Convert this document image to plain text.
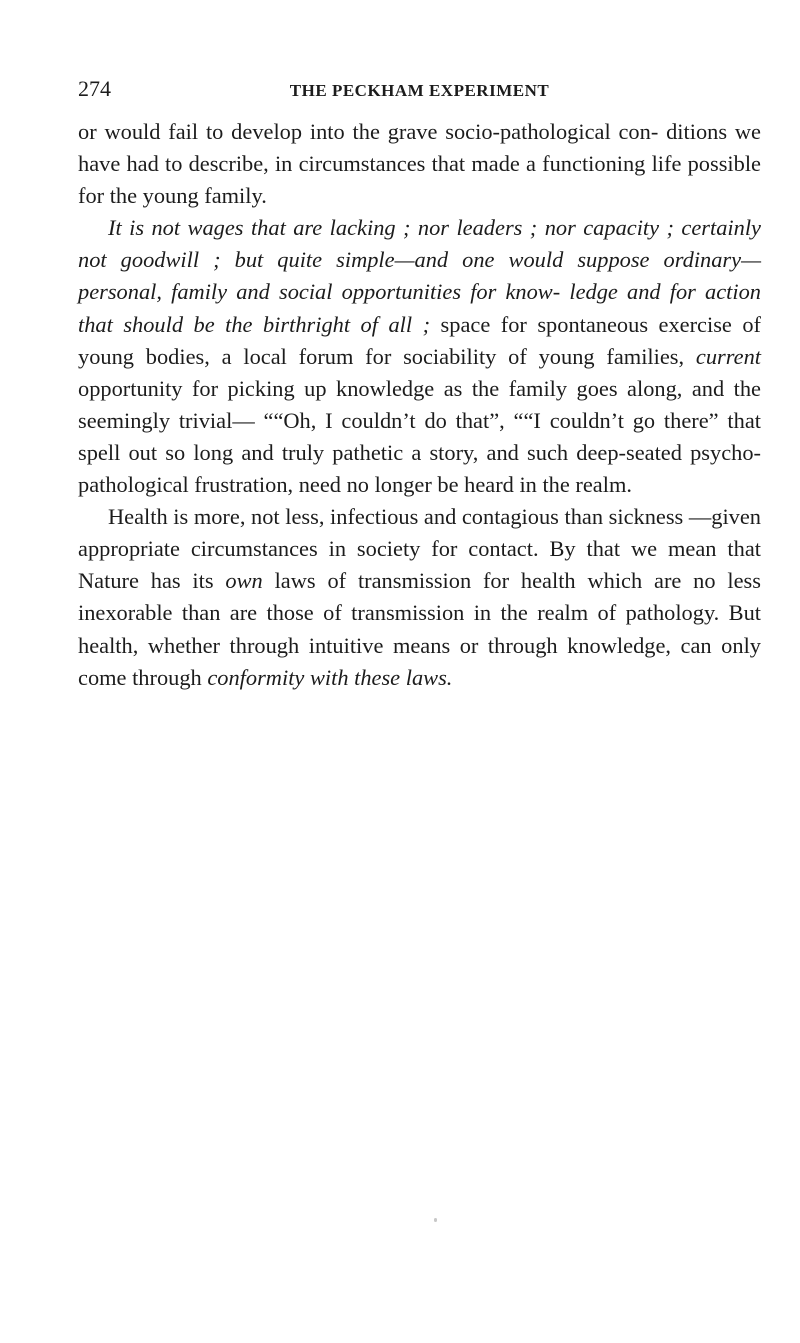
274	THE PECKHAM EXPERIMENT

or would fail to develop into the grave socio-pathological con- ditions we have had to describe, in circumstances that made a functioning life possible for the young family.

It is not wages that are lacking ; nor leaders ; nor capacity ; certainly not goodwill ; but quite simple—and one would suppose ordinary—personal, family and social opportunities for know- ledge and for action that should be the birthright of all ; space for spontaneous exercise of young bodies, a local forum for sociability of young families, current opportunity for picking up knowledge as the family goes along, and the seemingly trivial— ““Oh, I couldn’t do that”, ““I couldn’t go there” that spell out so long and truly pathetic a story, and such deep-seated psycho- pathological frustration, need no longer be heard in the realm.

Health is more, not less, infectious and contagious than sickness —given appropriate circumstances in society for contact. By that we mean that Nature has its own laws of transmission for health which are no less inexorable than are those of transmission in the realm of pathology. But health, whether through intuitive means or through knowledge, can only come through conformity with these laws.
